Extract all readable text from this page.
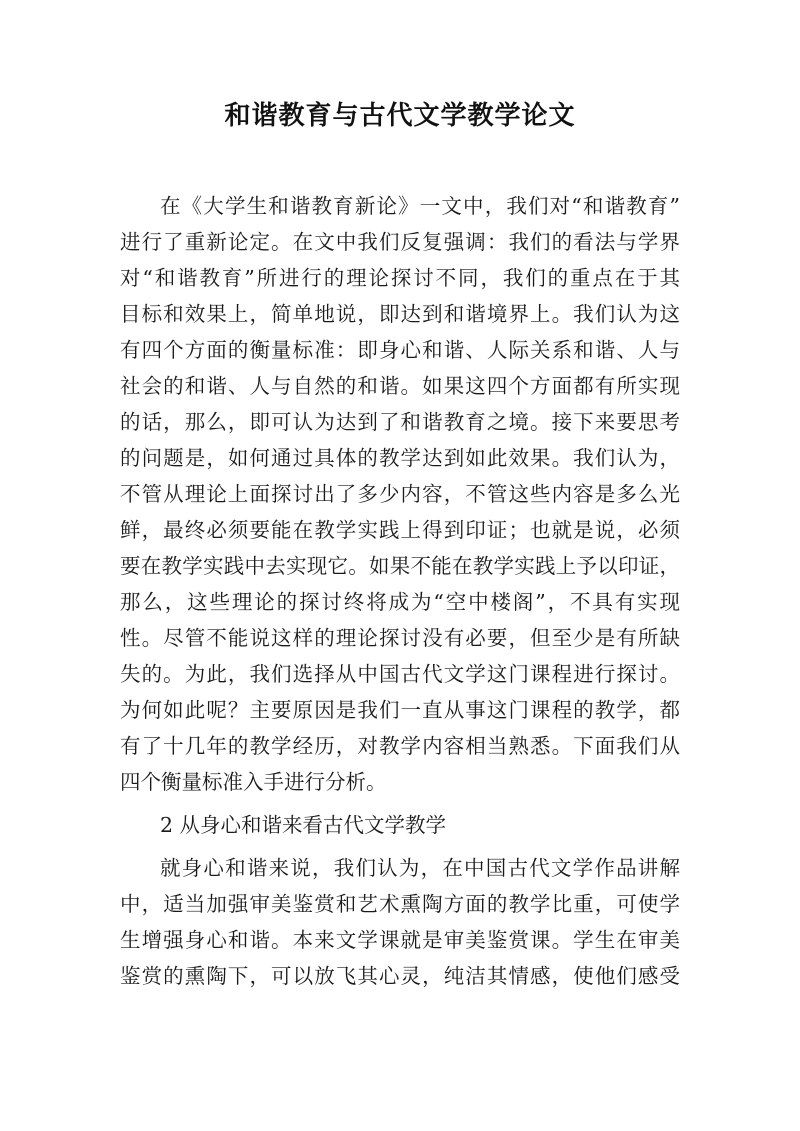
和谐教育与古代文学教学论文
在《大学生和谐教育新论》一文中，我们对“和谐教育”
进行了重新论定。在文中我们反复强调：我们的看法与学界
对“和谐教育”所进行的理论探讨不同，我们的重点在于其
目标和效果上，简单地说，即达到和谐境界上。我们认为这
有四个方面的衡量标准：即身心和谐、人际关系和谐、人与
社会的和谐、人与自然的和谐。如果这四个方面都有所实现
的话，那么，即可认为达到了和谐教育之境。接下来要思考
的问题是，如何通过具体的教学达到如此效果。我们认为，
不管从理论上面探讨出了多少内容，不管这些内容是多么光
鲜，最终必须要能在教学实践上得到印证；也就是说，必须
要在教学实践中去实现它。如果不能在教学实践上予以印证，
那么，这些理论的探讨终将成为“空中楼阁”，不具有实现
性。尽管不能说这样的理论探讨没有必要，但至少是有所缺
失的。为此，我们选择从中国古代文学这门课程进行探讨。
为何如此呢？主要原因是我们一直从事这门课程的教学，都
有了十几年的教学经历，对教学内容相当熟悉。下面我们从
四个衡量标准入手进行分析。
2 从身心和谐来看古代文学教学
就身心和谐来说，我们认为，在中国古代文学作品讲解
中，适当加强审美鉴赏和艺术熏陶方面的教学比重，可使学
生增强身心和谐。本来文学课就是审美鉴赏课。学生在审美
鉴赏的熏陶下，可以放飞其心灵，纯洁其情感，使他们感受
